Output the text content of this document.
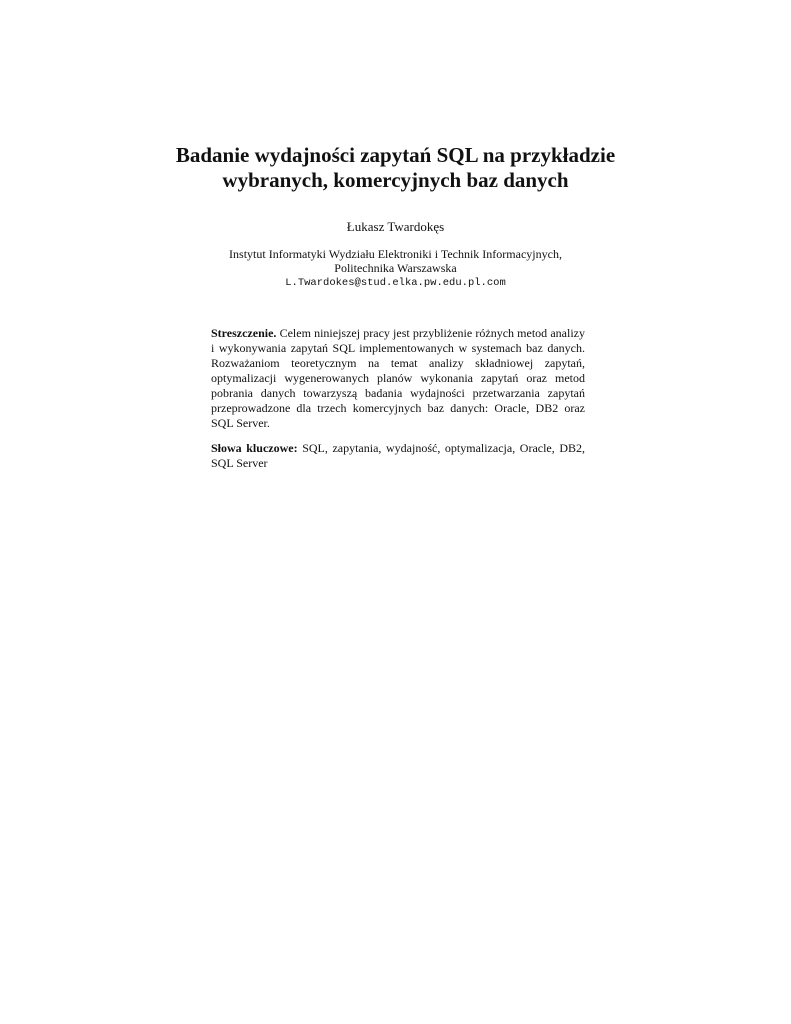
Badanie wydajności zapytań SQL na przykładzie
wybranych, komercyjnych baz danych
Łukasz Twardokęs
Instytut Informatyki Wydziału Elektroniki i Technik Informacyjnych,
Politechnika Warszawska
L.Twardokes@stud.elka.pw.edu.pl.com
Streszczenie. Celem niniejszej pracy jest przybliżenie różnych metod analizy i wykonywania zapytań SQL implementowanych w systemach baz danych. Rozważaniom teoretycznym na temat analizy składniowej zapytań, optymalizacji wygenerowanych planów wykonania zapytań oraz metod pobrania danych towarzyszą badania wydajności przetwarzania zapytań przeprowadzone dla trzech komercyjnych baz danych: Oracle, DB2 oraz SQL Server.
Słowa kluczowe: SQL, zapytania, wydajność, optymalizacja, Oracle, DB2, SQL Server
